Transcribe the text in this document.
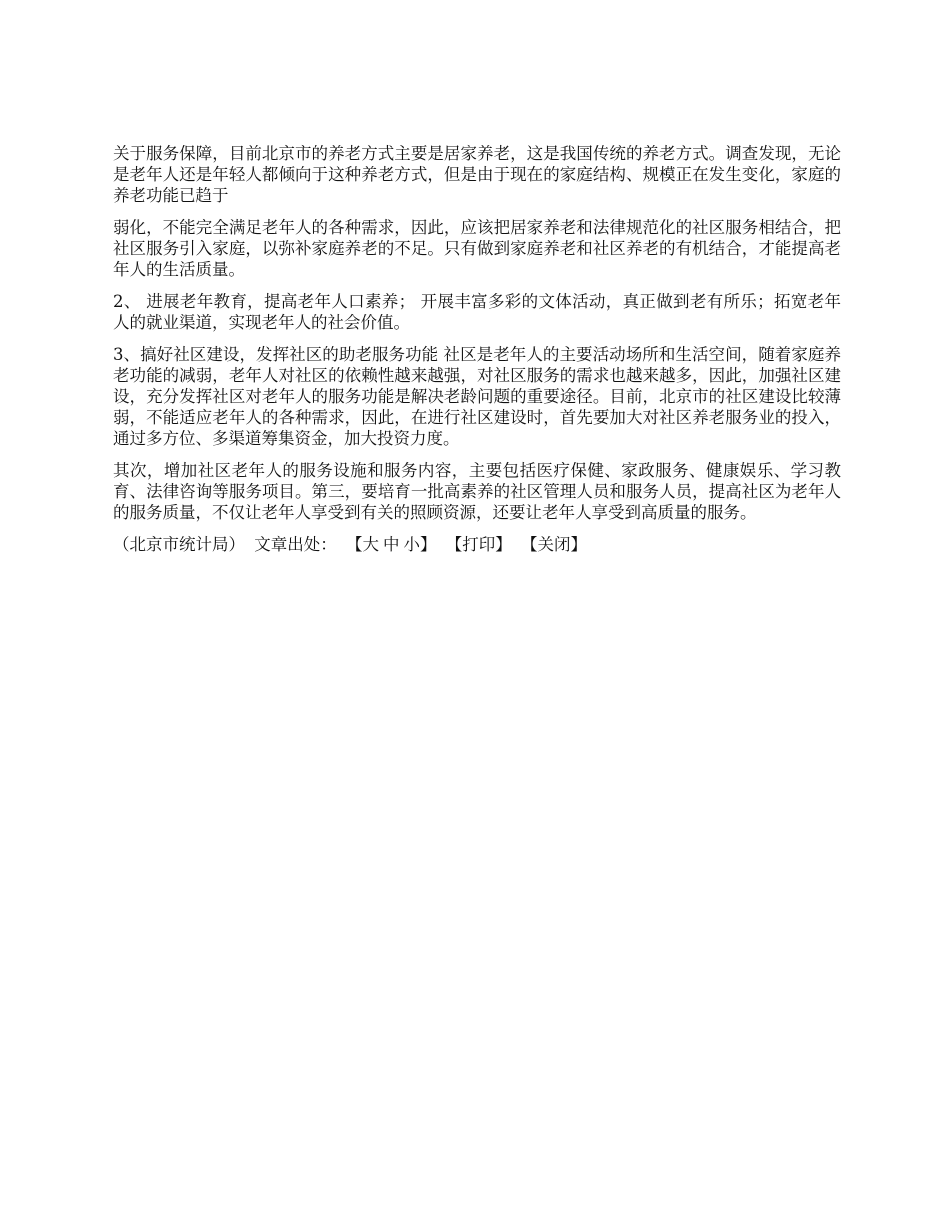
关于服务保障，目前北京市的养老方式主要是居家养老，这是我国传统的养老方式。调查发现，无论是老年人还是年轻人都倾向于这种养老方式，但是由于现在的家庭结构、规模正在发生变化，家庭的养老功能已趋于

弱化，不能完全满足老年人的各种需求，因此，应该把居家养老和法律规范化的社区服务相结合，把社区服务引入家庭，以弥补家庭养老的不足。只有做到家庭养老和社区养老的有机结合，才能提高老年人的生活质量。

2、 进展老年教育，提高老年人口素养； 开展丰富多彩的文体活动，真正做到老有所乐；拓宽老年人的就业渠道，实现老年人的社会价值。

3、搞好社区建设，发挥社区的助老服务功能 社区是老年人的主要活动场所和生活空间，随着家庭养老功能的减弱，老年人对社区的依赖性越来越强，对社区服务的需求也越来越多，因此，加强社区建设，充分发挥社区对老年人的服务功能是解决老龄问题的重要途径。目前，北京市的社区建设比较薄弱，不能适应老年人的各种需求，因此，在进行社区建设时，首先要加大对社区养老服务业的投入，通过多方位、多渠道筹集资金，加大投资力度。

其次，增加社区老年人的服务设施和服务内容，主要包括医疗保健、家政服务、健康娱乐、学习教育、法律咨询等服务项目。第三，要培育一批高素养的社区管理人员和服务人员，提高社区为老年人的服务质量，不仅让老年人享受到有关的照顾资源，还要让老年人享受到高质量的服务。

（北京市统计局） 文章出处： 【大 中 小】 【打印】 【关闭】
